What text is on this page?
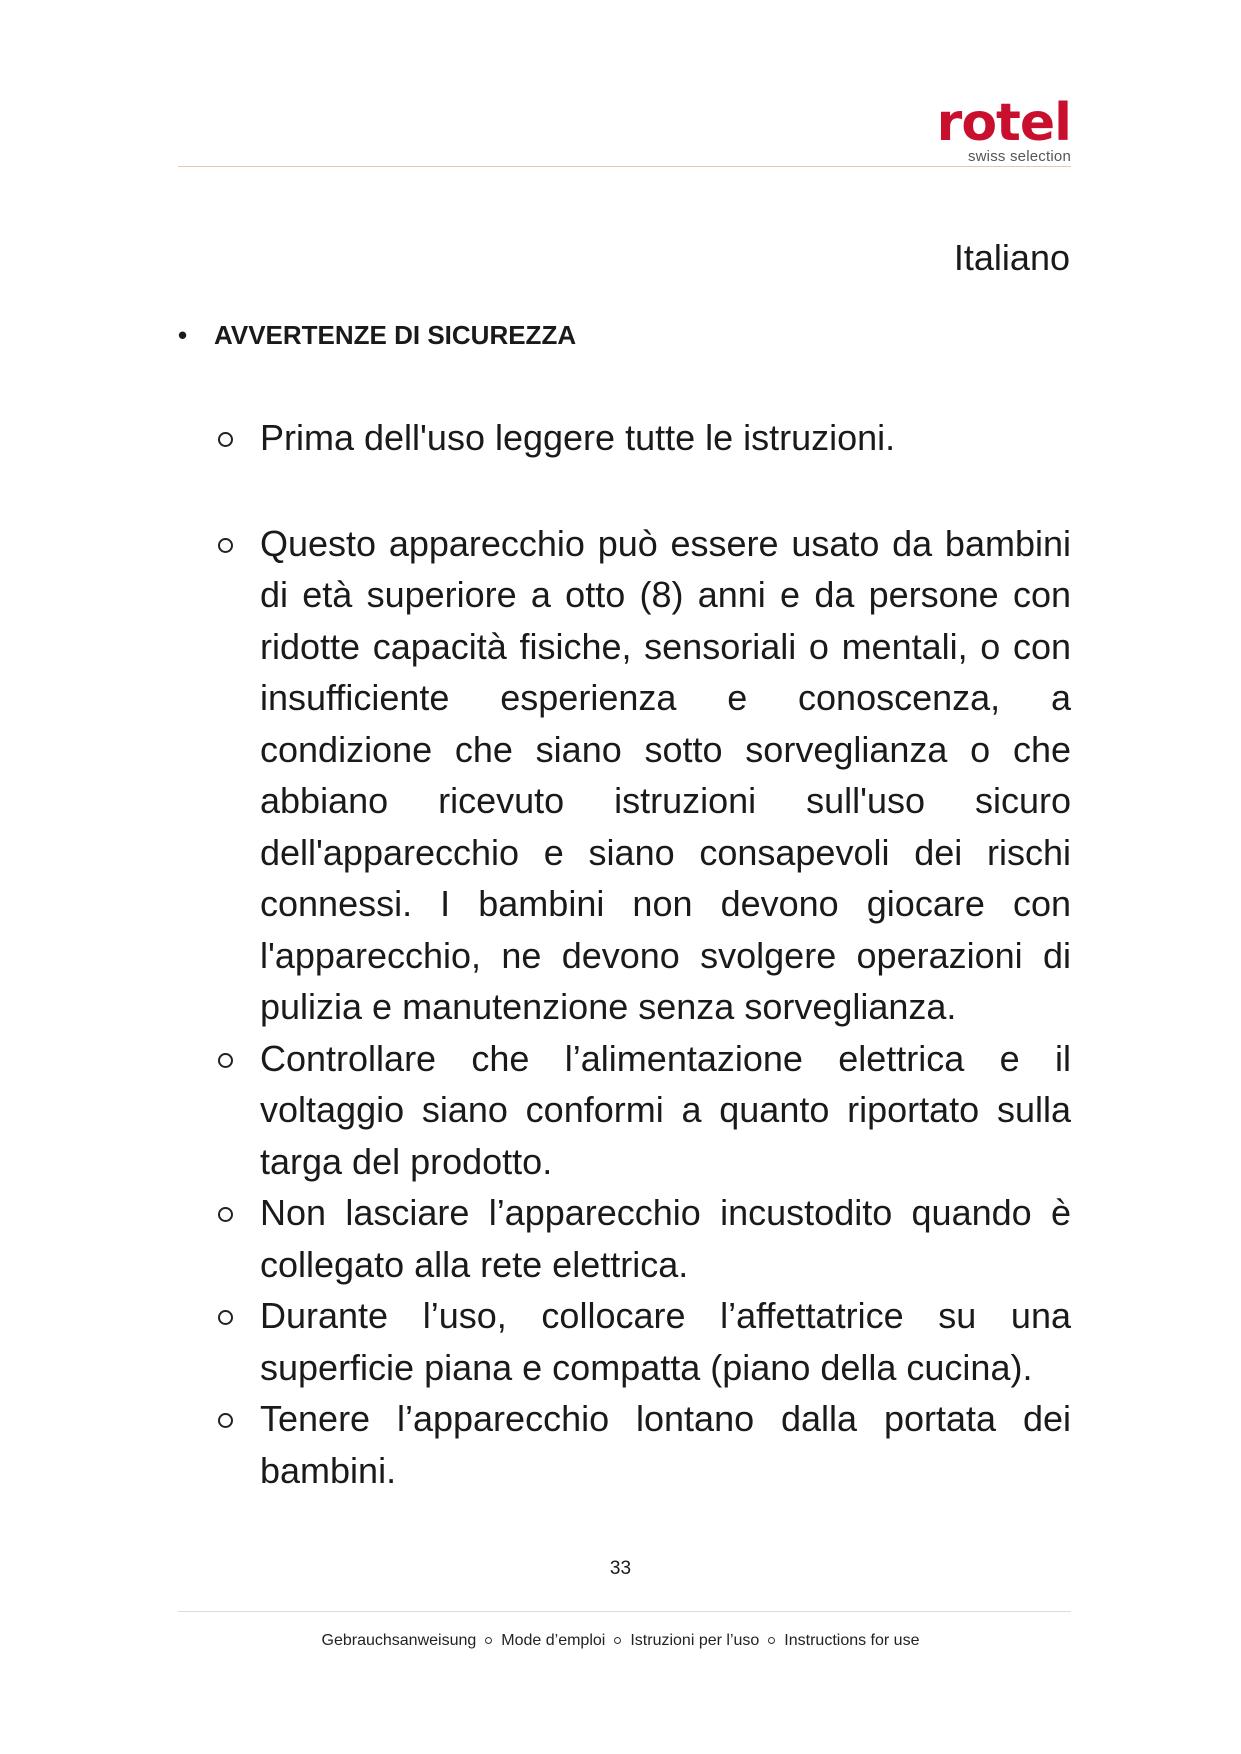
rotel
swiss selection
Italiano
• AVVERTENZE DI SICUREZZA
Prima dell'uso leggere tutte le istruzioni.
Questo apparecchio può essere usato da bambini di età superiore a otto (8) anni e da persone con ridotte capacità fisiche, sensoriali o mentali, o con insufficiente esperienza e conoscenza, a condizione che siano sotto sorveglianza o che abbiano ricevuto istruzioni sull'uso sicuro dell'apparecchio e siano consapevoli dei rischi connessi. I bambini non devono giocare con l'apparecchio, ne devono svolgere operazioni di pulizia e manutenzione senza sorveglianza.
Controllare che l’alimentazione elettrica e il voltaggio siano conformi a quanto riportato sulla targa del prodotto.
Non lasciare l’apparecchio incustodito quando è collegato alla rete elettrica.
Durante l’uso, collocare l’affettatrice su una superficie piana e compatta (piano della cucina).
Tenere l’apparecchio lontano dalla portata dei bambini.
33
Gebrauchsanweisung Mode d’emploi Istruzioni per l’uso Instructions for use
